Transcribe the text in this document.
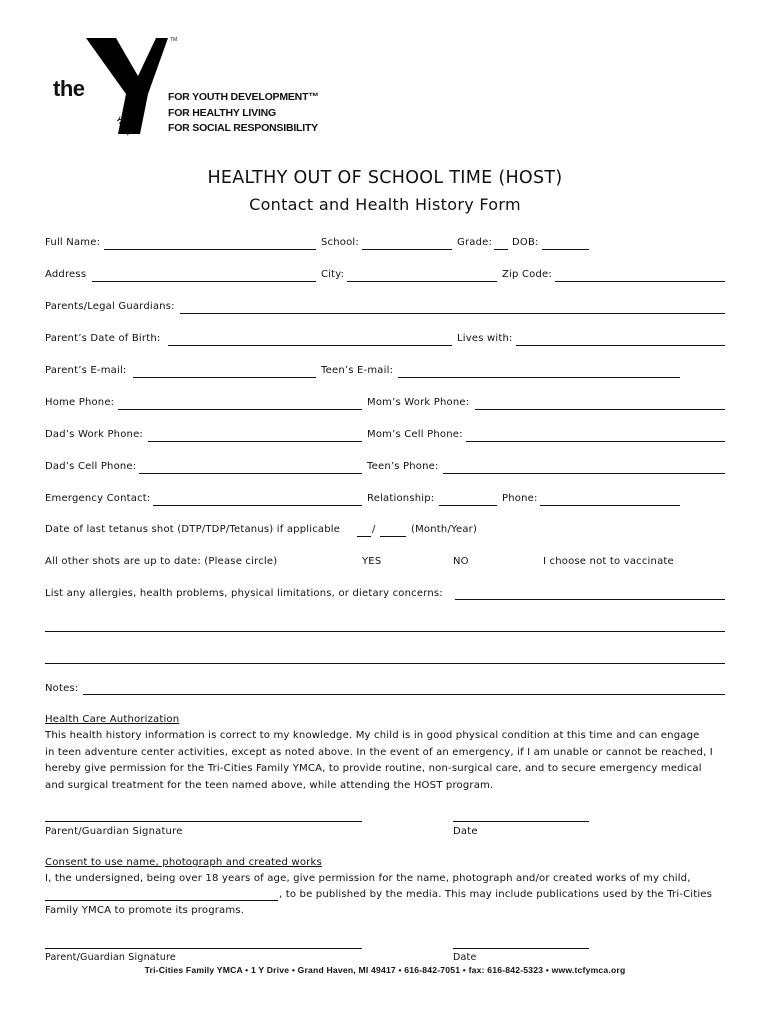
the
YMCA
TM
FOR YOUTH DEVELOPMENT™
FOR HEALTHY LIVING
FOR SOCIAL RESPONSIBILITY
HEALTHY OUT OF SCHOOL TIME (HOST)
Contact and Health History Form
Full Name:	School:	Grade: DOB:
Address	City:	Zip Code:
Parents/Legal Guardians:
Parent’s Date of Birth:	Lives with:
Parent’s E-mail:	Teen’s E-mail:
Home Phone:	Mom’s Work Phone:
Dad’s Work Phone:	Mom’s Cell Phone:
Dad’s Cell Phone:	Teen’s Phone:
Emergency Contact:	Relationship:	Phone:
Date of last tetanus shot (DTP/TDP/Tetanus) if applicable	/	(Month/Year)
All other shots are up to date: (Please circle)	YES	NO	I choose not to vaccinate
List any allergies, health problems, physical limitations, or dietary concerns:
Notes:
Health Care Authorization
This health history information is correct to my knowledge. My child is in good physical condition at this time and can engage
in teen adventure center activities, except as noted above. In the event of an emergency, if I am unable or cannot be reached, I
hereby give permission for the Tri-Cities Family YMCA, to provide routine, non-surgical care, and to secure emergency medical
and surgical treatment for the teen named above, while attending the HOST program.
Parent/Guardian Signature	Date
Consent to use name, photograph and created works
I, the undersigned, being over 18 years of age, give permission for the name, photograph and/or created works of my child,
, to be published by the media. This may include publications used by the Tri-Cities
Family YMCA to promote its programs.
Parent/Guardian Signature	Date
Tri-Cities Family YMCA • 1 Y Drive • Grand Haven, MI 49417 • 616-842-7051 • fax: 616-842-5323 • www.tcfymca.org
